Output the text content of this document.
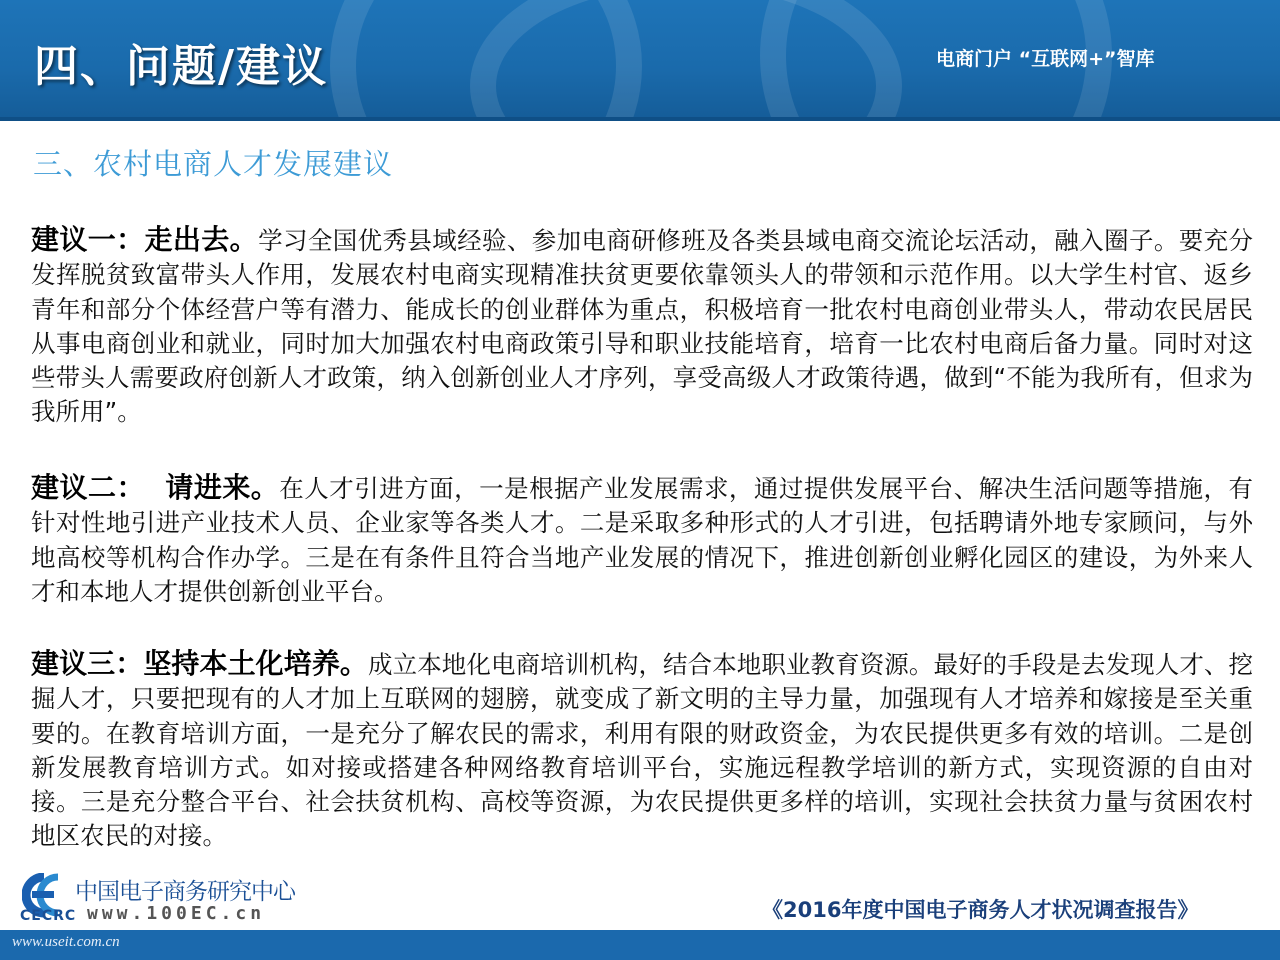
四、问题/建议	电商门户 “互联网+”智库
三、农村电商人才发展建议

建议一：走出去。学习全国优秀县域经验、参加电商研修班及各类县域电商交流论坛活动，融入圈子。要充分发挥脱贫致富带头人作用，发展农村电商实现精准扶贫更要依靠领头人的带领和示范作用。以大学生村官、返乡青年和部分个体经营户等有潜力、能成长的创业群体为重点，积极培育一批农村电商创业带头人，带动农民居民从事电商创业和就业，同时加大加强农村电商政策引导和职业技能培育，培育一比农村电商后备力量。同时对这些带头人需要政府创新人才政策，纳入创新创业人才序列，享受高级人才政策待遇，做到“不能为我所有，但求为我所用”。

建议二：  请进来。在人才引进方面，一是根据产业发展需求，通过提供发展平台、解决生活问题等措施，有针对性地引进产业技术人员、企业家等各类人才。二是采取多种形式的人才引进，包括聘请外地专家顾问，与外地高校等机构合作办学。三是在有条件且符合当地产业发展的情况下，推进创新创业孵化园区的建设，为外来人才和本地人才提供创新创业平台。

建议三：坚持本土化培养。成立本地化电商培训机构，结合本地职业教育资源。最好的手段是去发现人才、挖掘人才，只要把现有的人才加上互联网的翅膀，就变成了新文明的主导力量，加强现有人才培养和嫁接是至关重要的。在教育培训方面，一是充分了解农民的需求，利用有限的财政资金，为农民提供更多有效的培训。二是创新发展教育培训方式。如对接或搭建各种网络教育培训平台，实施远程教学培训的新方式，实现资源的自由对接。三是充分整合平台、社会扶贫机构、高校等资源，为农民提供更多样的培训，实现社会扶贫力量与贫困农村地区农民的对接。

中国电子商务研究中心
CECRC www.100EC.cn	《2016年度中国电子商务人才状况调查报告》
www.useit.com.cn
